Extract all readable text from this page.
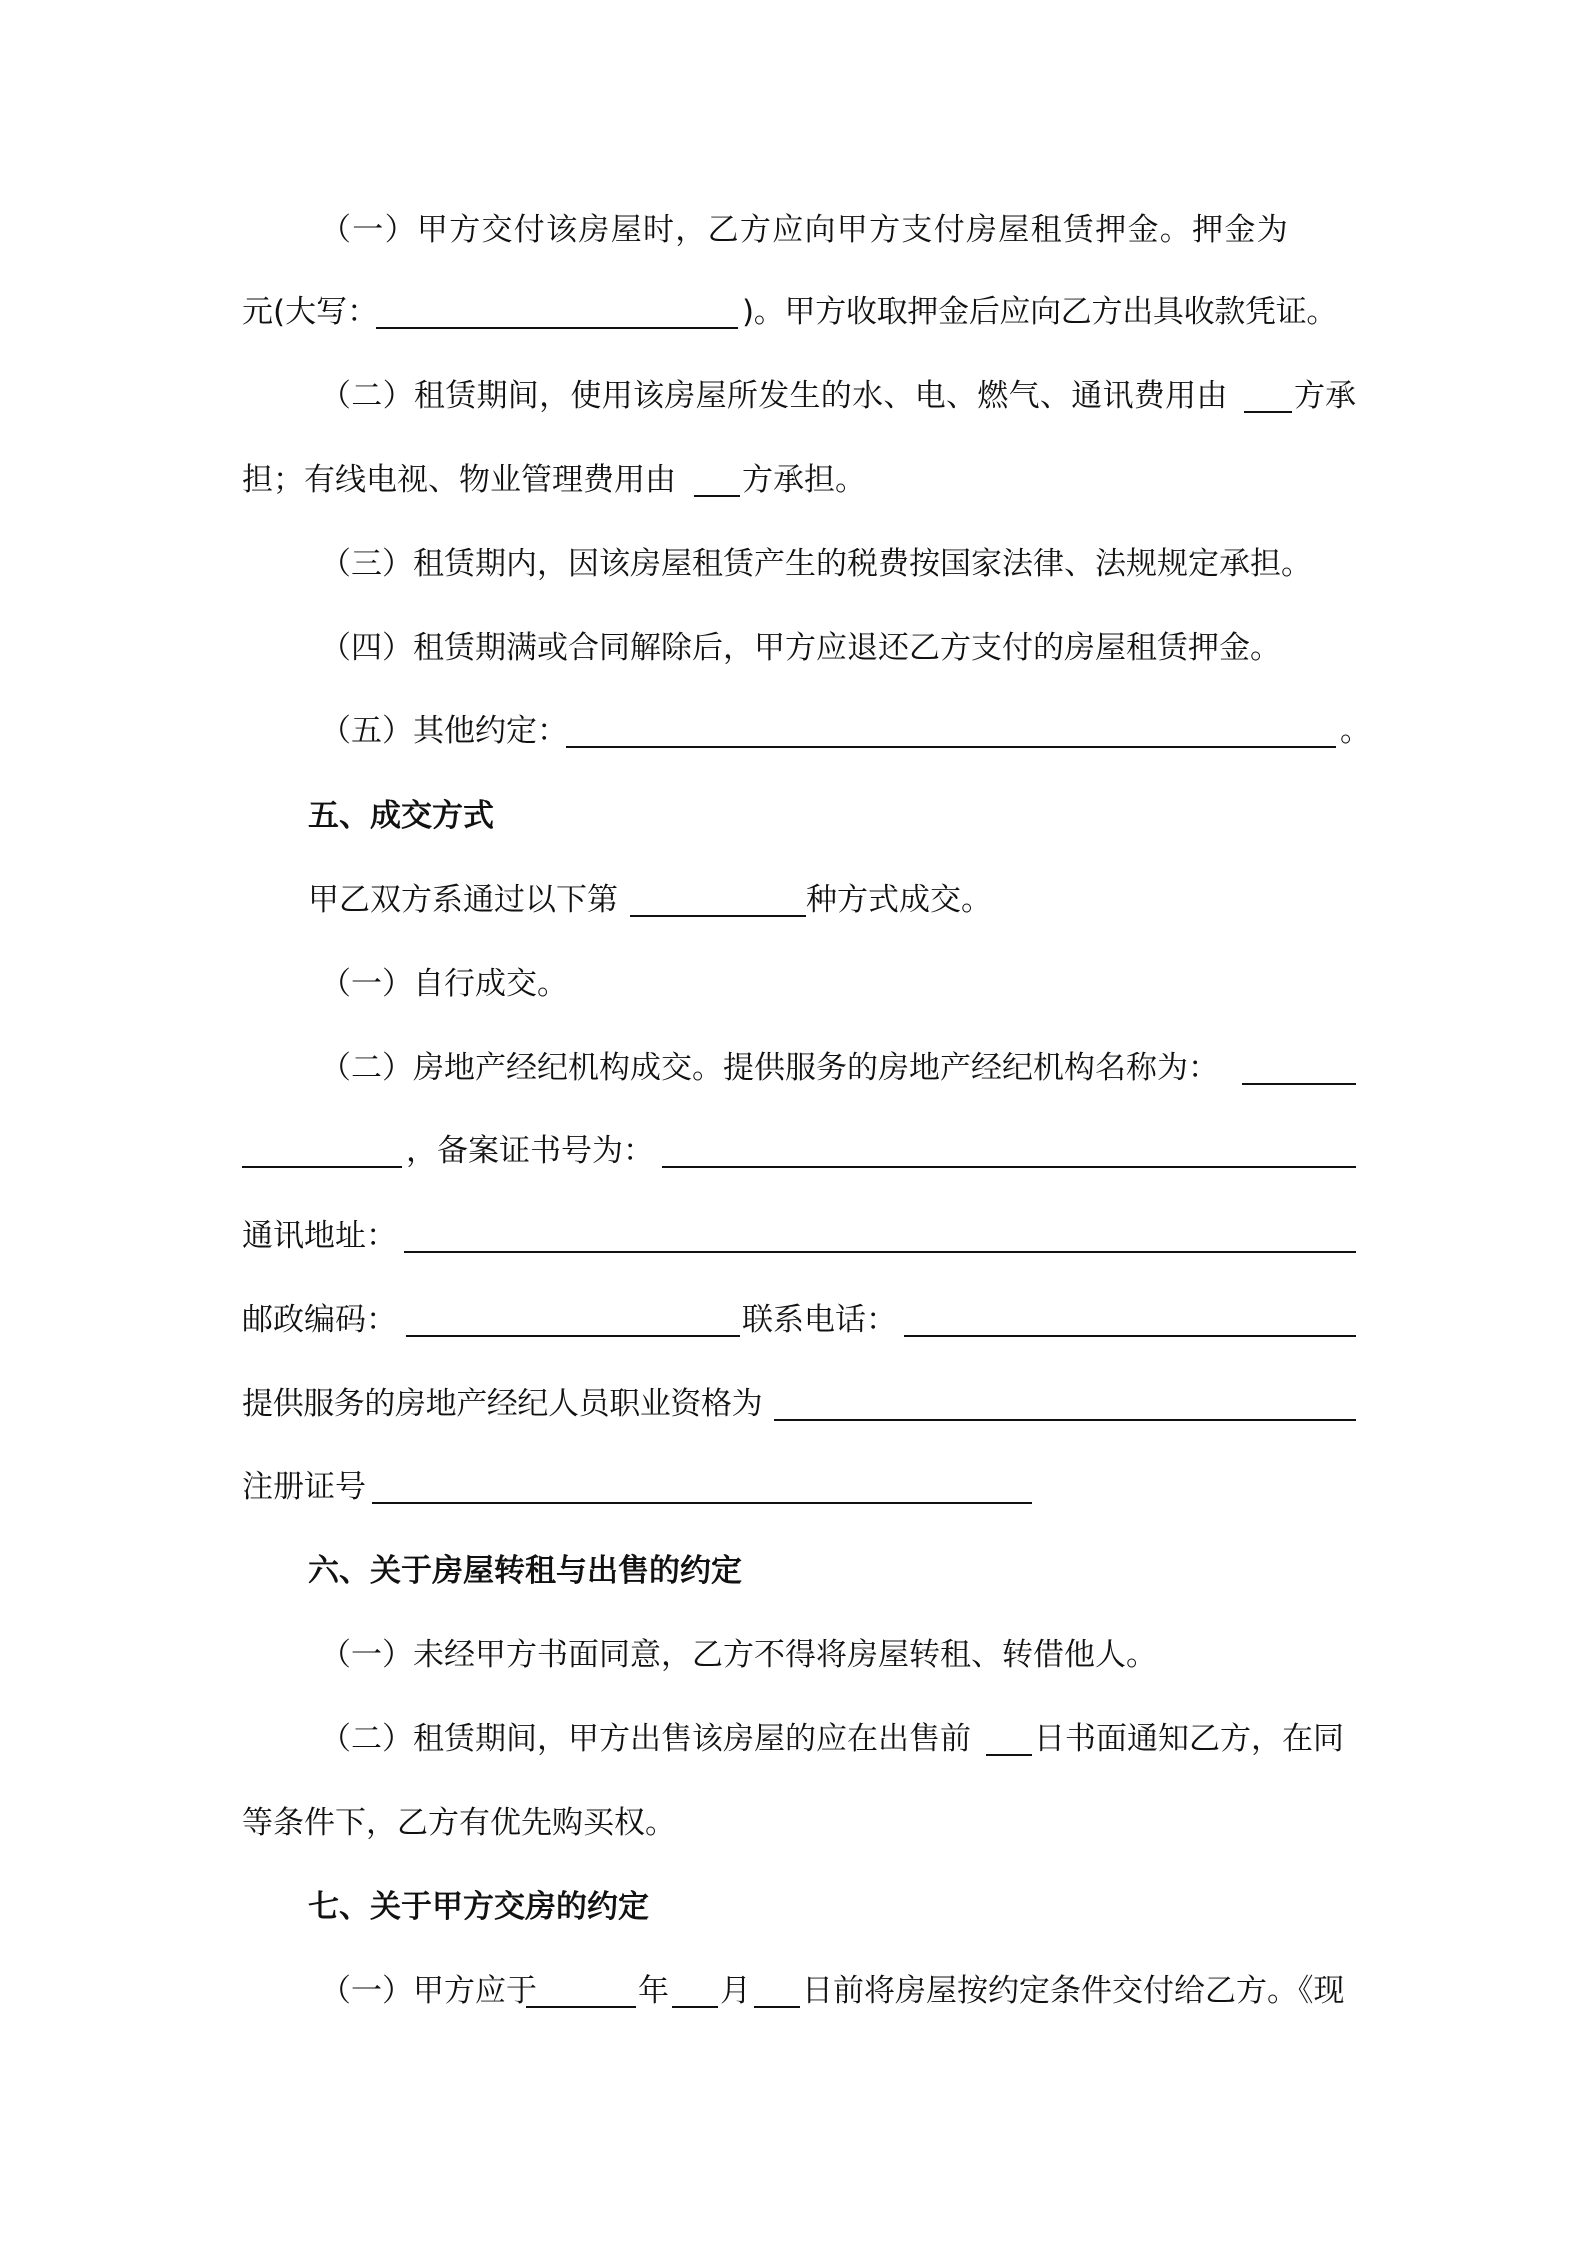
（一）甲方交付该房屋时，乙方应向甲方支付房屋租赁押金。押金为
元(大写：	)。甲方收取押金后应向乙方出具收款凭证。
（二）租赁期间，使用该房屋所发生的水、电、燃气、通讯费用由 方承
担；有线电视、物业管理费用由 方承担。
（三）租赁期内，因该房屋租赁产生的税费按国家法律、法规规定承担。
（四）租赁期满或合同解除后，甲方应退还乙方支付的房屋租赁押金。
（五）其他约定：	。
五、成交方式
甲乙双方系通过以下第	种方式成交。
（一）自行成交。
（二）房地产经纪机构成交。提供服务的房地产经纪机构名称为：
，备案证书号为：
通讯地址：
邮政编码：	联系电话：
提供服务的房地产经纪人员职业资格为
注册证号
六、关于房屋转租与出售的约定
（一）未经甲方书面同意，乙方不得将房屋转租、转借他人。
（二）租赁期间，甲方出售该房屋的应在出售前 日书面通知乙方，在同
等条件下，乙方有优先购买权。
七、关于甲方交房的约定
（一）甲方应于	年 月 日前将房屋按约定条件交付给乙方。《现
